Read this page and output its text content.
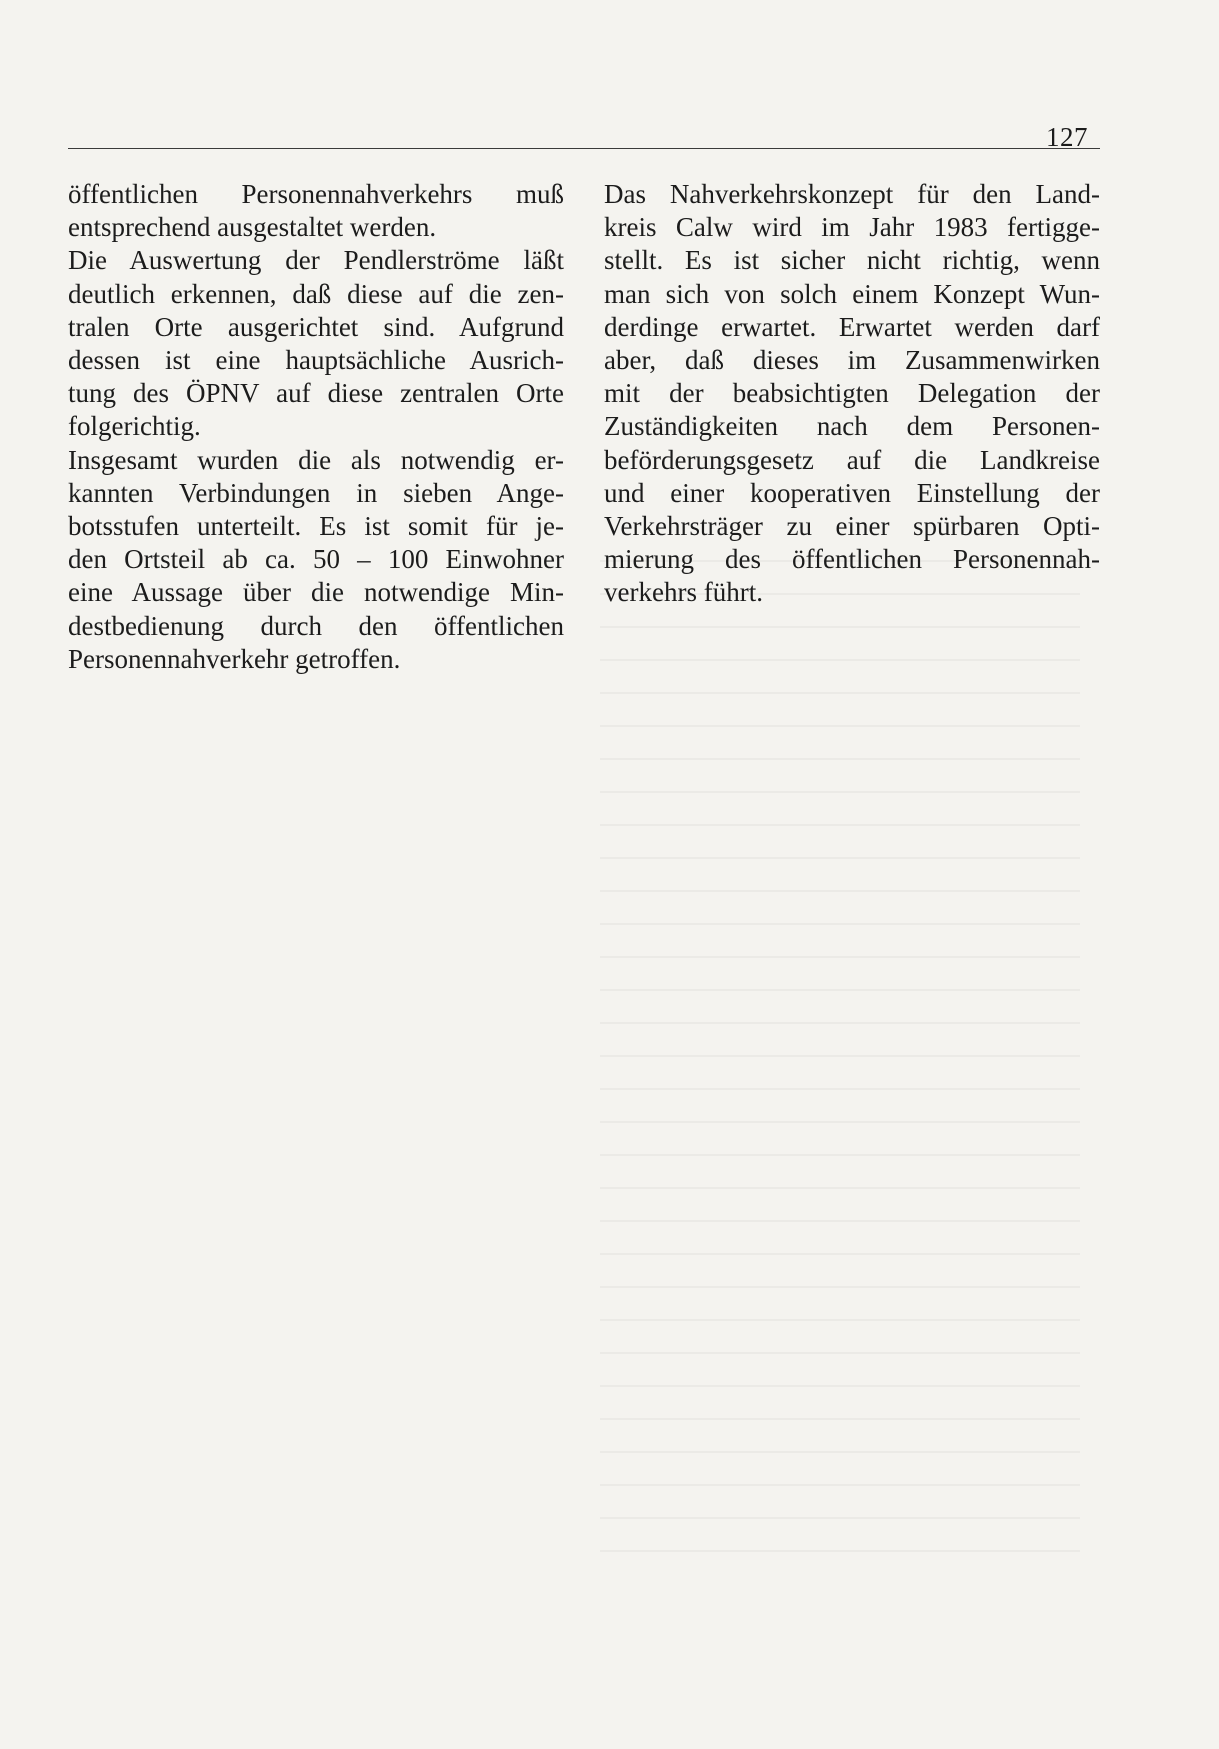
127

öffentlichen Personennahverkehrs muß
entsprechend ausgestaltet werden.

Die Auswertung der Pendlerströme läßt
deutlich erkennen, daß diese auf die zen-
tralen Orte ausgerichtet sind. Aufgrund
dessen ist eine hauptsächliche Ausrich-
tung des ÖPNV auf diese zentralen Orte
folgerichtig.

Insgesamt wurden die als notwendig er-
kannten Verbindungen in sieben Ange-
botsstufen unterteilt. Es ist somit für je-
den Ortsteil ab ca. 50 – 100 Einwohner
eine Aussage über die notwendige Min-
destbedienung durch den öffentlichen
Personennahverkehr getroffen.

Das Nahverkehrskonzept für den Land-
kreis Calw wird im Jahr 1983 fertigge-
stellt. Es ist sicher nicht richtig, wenn
man sich von solch einem Konzept Wun-
derdinge erwartet. Erwartet werden darf
aber, daß dieses im Zusammenwirken
mit der beabsichtigten Delegation der
Zuständigkeiten nach dem Personen-
beförderungsgesetz auf die Landkreise
und einer kooperativen Einstellung der
Verkehrsträger zu einer spürbaren Opti-
mierung des öffentlichen Personennah-
verkehrs führt.
